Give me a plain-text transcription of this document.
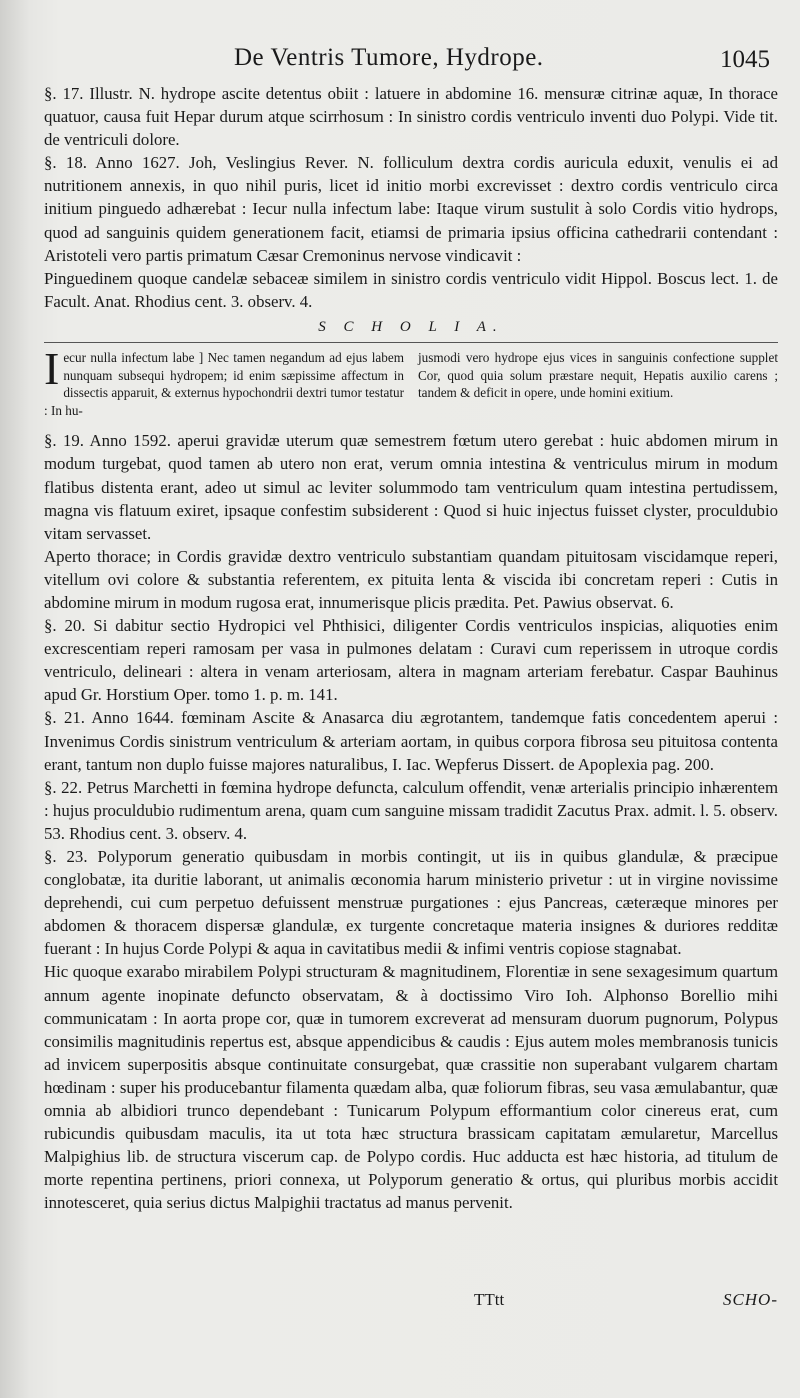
De Ventris Tumore, Hydrope.	1045

§. 17. Illustr. N. hydrope ascite detentus obiit : latuere in abdomine 16. mensuræ citrinæ aquæ, In thorace quatuor, causa fuit Hepar durum atque scirrhosum : In sinistro cordis ventriculo inventi duo Polypi. Vide tit. de ventriculi dolore.

§. 18. Anno 1627. Joh, Veslingius Rever. N. folliculum dextra cordis auricula eduxit, venulis ei ad nutritionem annexis, in quo nihil puris, licet id initio morbi excrevisset : dextro cordis ventriculo circa initium pinguedo adhærebat : Iecur nulla infectum labe: Itaque virum sustulit à solo Cordis vitio hydrops, quod ad sanguinis quidem generationem facit, etiamsi de primaria ipsius officina cathedrarii contendant : Aristoteli vero partis primatum Cæsar Cremoninus nervose vindicavit :

Pinguedinem quoque candelæ sebaceæ similem in sinistro cordis ventriculo vidit Hippol. Boscus lect. 1. de Facult. Anat. Rhodius cent. 3. observ. 4.

S C H O L I A.
I ecur nulla infectum labe ] Nec tamen negandum ad ejus labem nunquam subsequi hydropem; id enim sæpissime affectum in dissectis apparuit, & externus hypochondrii dextri tumor testatur : In hu-
jusmodi vero hydrope ejus vices in sanguinis confectione supplet Cor, quod quia solum præstare nequit, Hepatis auxilio carens ; tandem & deficit in opere, unde homini exitium.

§. 19. Anno 1592. aperui gravidæ uterum quæ semestrem fœtum utero gerebat : huic abdomen mirum in modum turgebat, quod tamen ab utero non erat, verum omnia intestina & ventriculus mirum in modum flatibus distenta erant, adeo ut simul ac leviter solummodo tam ventriculum quam intestina pertudissem, magna vis flatuum exiret, ipsaque confestim subsiderent : Quod si huic injectus fuisset clyster, proculdubio vitam servasset.

Aperto thorace; in Cordis gravidæ dextro ventriculo substantiam quandam pituitosam viscidamque reperi, vitellum ovi colore & substantia referentem, ex pituita lenta & viscida ibi concretam reperi : Cutis in abdomine mirum in modum rugosa erat, innumerisque plicis prædita. Pet. Pawius observat. 6.

§. 20. Si dabitur sectio Hydropici vel Phthisici, diligenter Cordis ventriculos inspicias, aliquoties enim excrescentiam reperi ramosam per vasa in pulmones delatam : Curavi cum reperissem in utroque cordis ventriculo, delineari : altera in venam arteriosam, altera in magnam arteriam ferebatur. Caspar Bauhinus apud Gr. Horstium Oper. tomo 1. p. m. 141.

§. 21. Anno 1644. fœminam Ascite & Anasarca diu ægrotantem, tandemque fatis concedentem aperui : Invenimus Cordis sinistrum ventriculum & arteriam aortam, in quibus corpora fibrosa seu pituitosa contenta erant, tantum non duplo fuisse majores naturalibus, I. Iac. Wepferus Dissert. de Apoplexia pag. 200.

§. 22. Petrus Marchetti in fœmina hydrope defuncta, calculum offendit, venæ arterialis principio inhærentem : hujus proculdubio rudimentum arena, quam cum sanguine missam tradidit Zacutus Prax. admit. l. 5. observ. 53. Rhodius cent. 3. observ. 4.

§. 23. Polyporum generatio quibusdam in morbis contingit, ut iis in quibus glandulæ, & præcipue conglobatæ, ita duritie laborant, ut animalis œconomia harum ministerio privetur : ut in virgine novissime deprehendi, cui cum perpetuo defuissent menstruæ purgationes : ejus Pancreas, cæteræque minores per abdomen & thoracem dispersæ glandulæ, ex turgente concretaque materia insignes & duriores redditæ fuerant : In hujus Corde Polypi & aqua in cavitatibus medii & infimi ventris copiose stagnabat.

Hic quoque exarabo mirabilem Polypi structuram & magnitudinem, Florentiæ in sene sexagesimum quartum annum agente inopinate defuncto observatam, & à doctissimo Viro Ioh. Alphonso Borellio mihi communicatam : In aorta prope cor, quæ in tumorem excreverat ad mensuram duorum pugnorum, Polypus consimilis magnitudinis repertus est, absque appendicibus & caudis : Ejus autem moles membranosis tunicis ad invicem superpositis absque continuitate consurgebat, quæ crassitie non superabant vulgarem chartam hœdinam : super his producebantur filamenta quædam alba, quæ foliorum fibras, seu vasa æmulabantur, quæ omnia ab albidiori trunco dependebant : Tunicarum Polypum efformantium color cinereus erat, cum rubicundis quibusdam maculis, ita ut tota hæc structura brassicam capitatam æmularetur, Marcellus Malpighius lib. de structura viscerum cap. de Polypo cordis. Huc adducta est hæc historia, ad titulum de morte repentina pertinens, priori connexa, ut Polyporum generatio & ortus, qui pluribus morbis accidit innotesceret, quia serius dictus Malpighii tractatus ad manus pervenit.

TTtt	SCHO-
